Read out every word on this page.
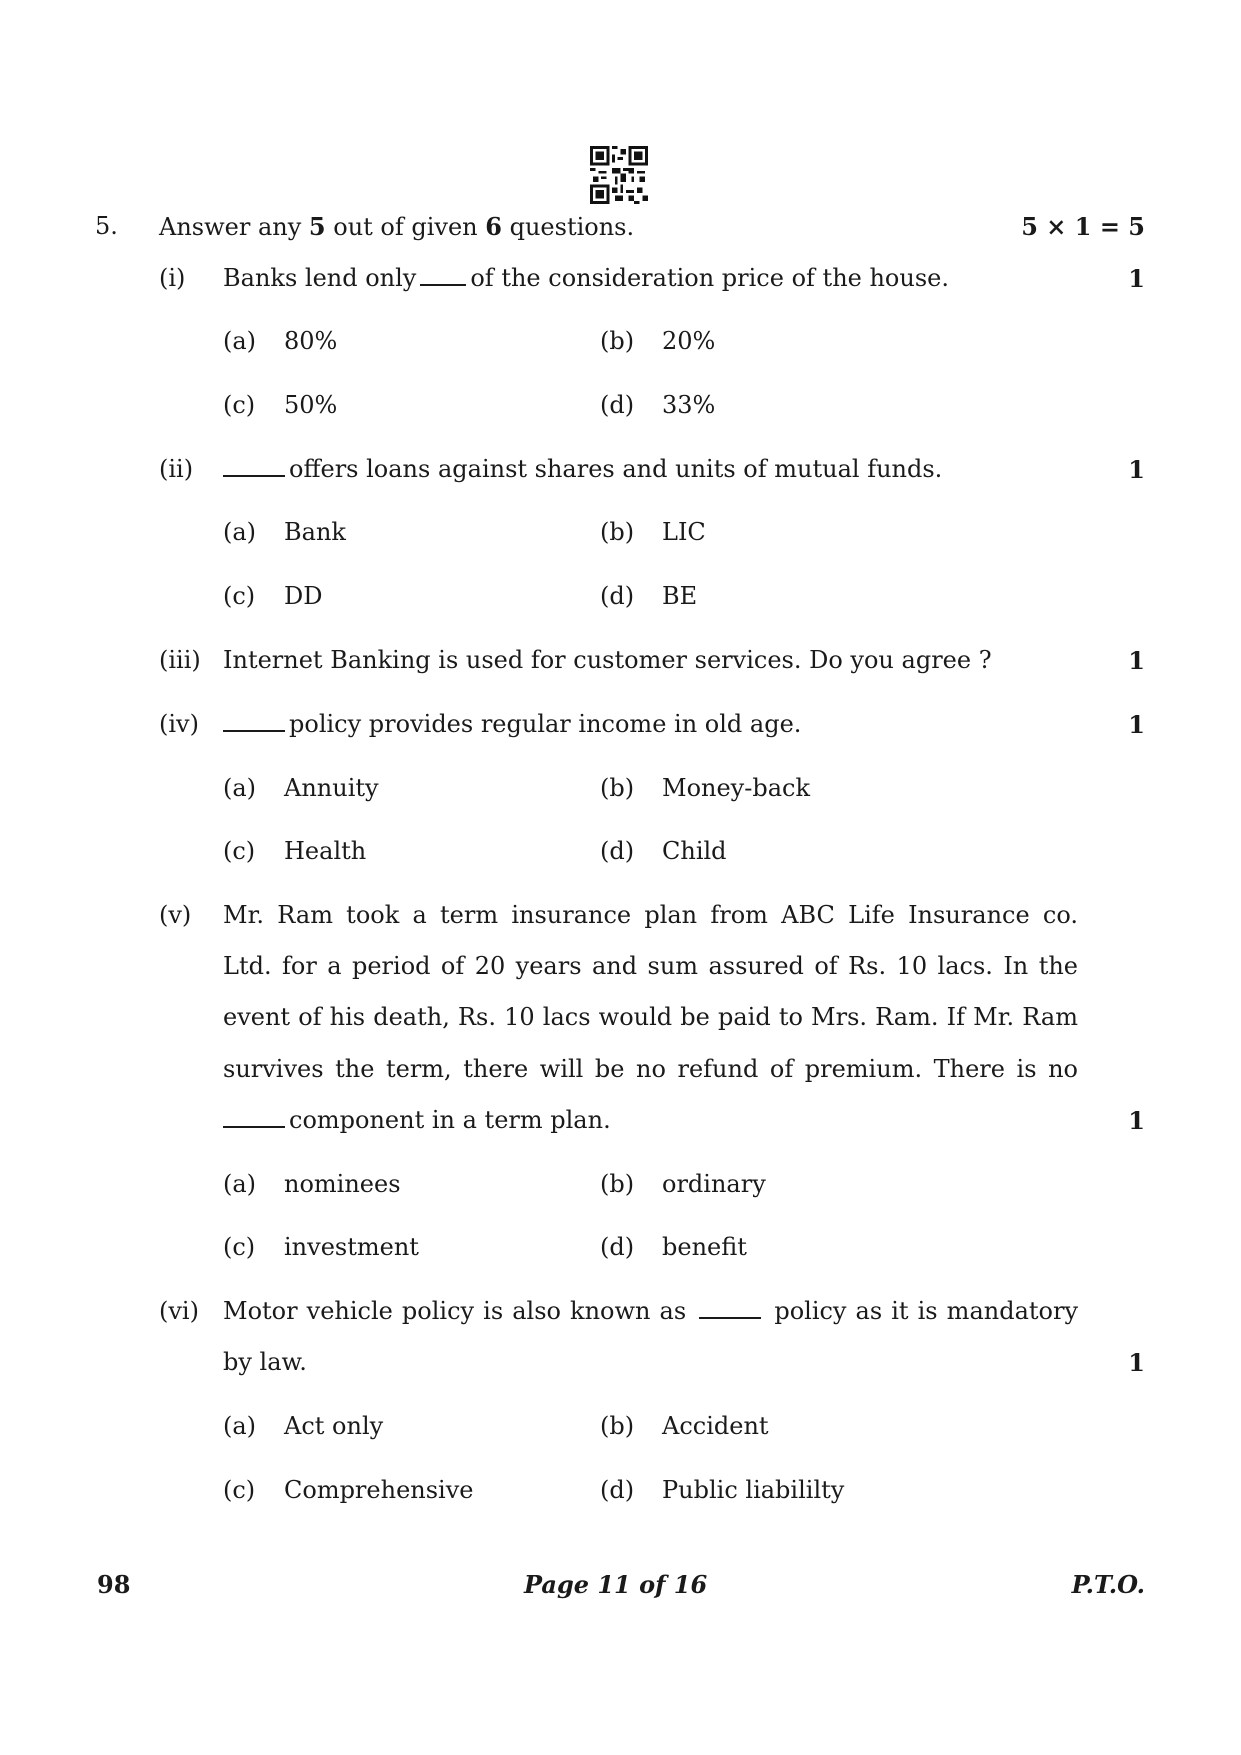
5. Answer any 5 out of given 6 questions.	5 × 1 = 5
(i) Banks lend only of the consideration price of the house.	1
(a) 80%	(b) 20%
(c) 50%	(d) 33%
(ii)	offers loans against shares and units of mutual funds.	1
(a) Bank	(b) LIC
(c) DD	(d) BE
(iii) Internet Banking is used for customer services. Do you agree ?	1
(iv)	policy provides regular income in old age.	1
(a) Annuity	(b) Money-back
(c) Health	(d) Child
(v) Mr. Ram took a term insurance plan from ABC Life Insurance co.
Ltd. for a period of 20 years and sum assured of Rs. 10 lacs. In the
event of his death, Rs. 10 lacs would be paid to Mrs. Ram. If Mr. Ram
survives the term, there will be no refund of premium. There is no
component in a term plan.	1
(a) nominees	(b) ordinary
(c) investment	(d) benefit
(vi) Motor vehicle policy is also known as	policy as it is mandatory
by law.	1
(a) Act only	(b) Accident
(c) Comprehensive	(d) Public liabililty
98	Page 11 of 16	P.T.O.
